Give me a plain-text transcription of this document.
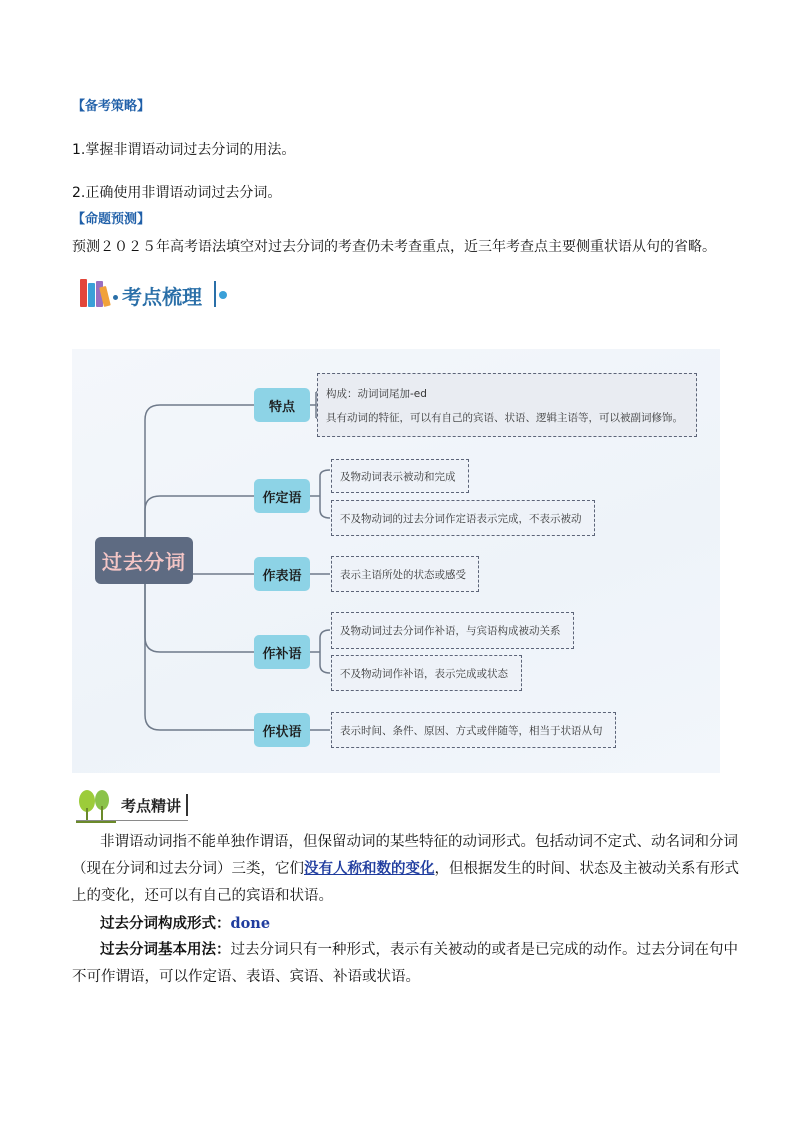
【备考策略】
1.掌握非谓语动词过去分词的用法。
2.正确使用非谓语动词过去分词。
【命题预测】
预测２０２５年高考语法填空对过去分词的考查仍未考查重点，近三年考查点主要侧重状语从句的省略。
考点梳理
过去分词
特点
作定语
作表语
作补语
作状语
构成：动词词尾加-ed
具有动词的特征，可以有自己的宾语、状语、逻辑主语等，可以被副词修饰。
及物动词表示被动和完成
不及物动词的过去分词作定语表示完成，不表示被动
表示主语所处的状态或感受
及物动词过去分词作补语，与宾语构成被动关系
不及物动词作补语，表示完成或状态
表示时间、条件、原因、方式或伴随等，相当于状语从句
考点精讲
非谓语动词指不能单独作谓语，但保留动词的某些特征的动词形式。包括动词不定式、动名词和分词
（现在分词和过去分词）三类，它们没有人称和数的变化，但根据发生的时间、状态及主被动关系有形式
上的变化，还可以有自己的宾语和状语。
过去分词构成形式：done
过去分词基本用法：过去分词只有一种形式，表示有关被动的或者是已完成的动作。过去分词在句中
不可作谓语，可以作定语、表语、宾语、补语或状语。
